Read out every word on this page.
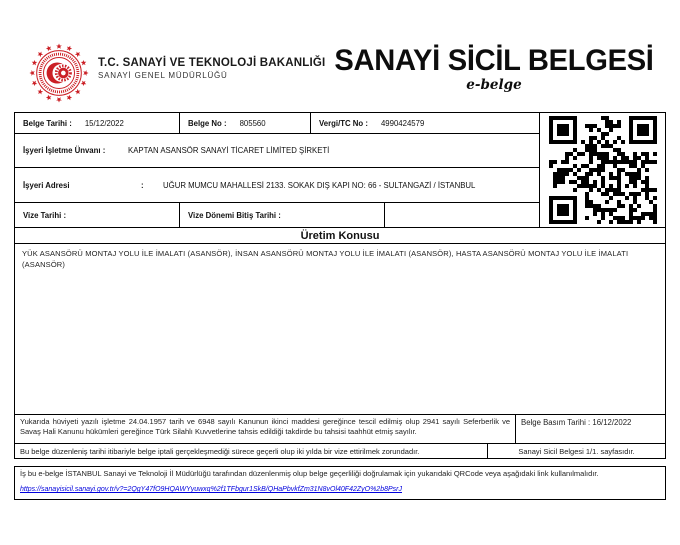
T.C. SANAYİ VE TEKNOLOJİ BAKANLIĞI
SANAYİ GENEL MÜDÜRLÜĞÜ	SANAYİ SİCİL BELGESİ
e-belge
Belge Tarihi : 15/12/2022	Belge No : 805560	Vergi/TC No : 4990424579
İşyeri İşletme Ünvanı :	KAPTAN ASANSÖR SANAYİ TİCARET LİMİTED ŞİRKETİ
İşyeri Adresi	:	UĞUR MUMCU MAHALLESİ 2133. SOKAK DIŞ KAPI NO: 66 - SULTANGAZİ / İSTANBUL
Vize Tarihi :	Vize Dönemi Bitiş Tarihi :
Üretim Konusu
YÜK ASANSÖRÜ MONTAJ YOLU İLE İMALATI (ASANSÖR), İNSAN ASANSÖRÜ MONTAJ YOLU İLE İMALATI (ASANSÖR), HASTA ASANSÖRÜ MONTAJ YOLU İLE İMALATI (ASANSÖR)
Yukarıda hüviyeti yazılı işletme 24.04.1957 tarih ve 6948 sayılı Kanunun ikinci maddesi gereğince tescil edilmiş olup 2941 sayılı Seferberlik ve Savaş Hali Kanunu hükümleri gereğince Türk Silahlı Kuvvetlerine tahsis edildiği takdirde bu tahsisi taahhüt etmiş sayılır.
Belge Basım Tarihi : 16/12/2022
Bu belge düzenleniş tarihi itibariyle belge iptali gerçekleşmediği sürece geçerli olup iki yılda bir vize ettirilmek zorundadır.	Sanayi Sicil Belgesi 1/1. sayfasıdır.
İş bu e-belge İSTANBUL Sanayi ve Teknoloji İl Müdürlüğü tarafından düzenlenmiş olup belge geçerliliği doğrulamak için yukarıdaki QRCode veya aşağıdaki link kullanılmalıdır.
https://sanayisicil.sanayi.gov.tr/v?=2QgY47fO9HQAWYyuwxq%2f1TFbgur1SkB/QHaPbvkfZm31N8vOl40F42ZyO%2b8PsrJ
